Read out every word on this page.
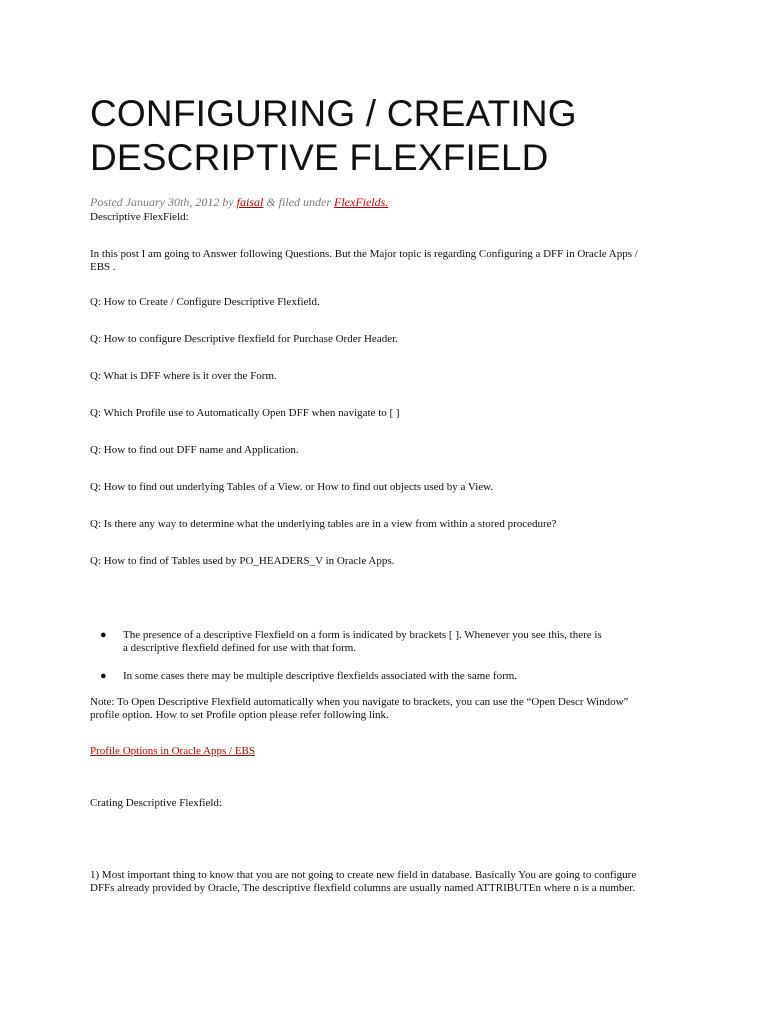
CONFIGURING / CREATING DESCRIPTIVE FLEXFIELD
Posted January 30th, 2012 by faisal & filed under FlexFields.

Descriptive FlexField:

In this post I am going to Answer following Questions. But the Major topic is regarding Configuring a DFF in Oracle Apps /

EBS .

Q: How to Create / Configure Descriptive Flexfield.

Q: How to configure Descriptive flexfield for Purchase Order Header.

Q: What is DFF where is it over the Form.

Q: Which Profile use to Automatically Open DFF when navigate to [ ]

Q: How to find out DFF name and Application.

Q: How to find out underlying Tables of a View. or How to find out objects used by a View.

Q: Is there any way to determine what the underlying tables are in a view from within a stored procedure?

Q: How to find of Tables used by PO_HEADERS_V in Oracle Apps.

● The presence of a descriptive Flexfield on a form is indicated by brackets [ ]. Whenever you see this, there is
a descriptive flexfield defined for use with that form.
● In some cases there may be multiple descriptive flexfields associated with the same form.

Note: To Open Descriptive Flexfield automatically when you navigate to brackets, you can use the “Open Descr Window”

profile option. How to set Profile option please refer following link.

Profile Options in Oracle Apps / EBS

Crating Descriptive Flexfield:

1) Most important thing to know that you are not going to create new field in database. Basically You are going to configure

DFFs already provided by Oracle, The descriptive flexfield columns are usually named ATTRIBUTEn where n is a number.
